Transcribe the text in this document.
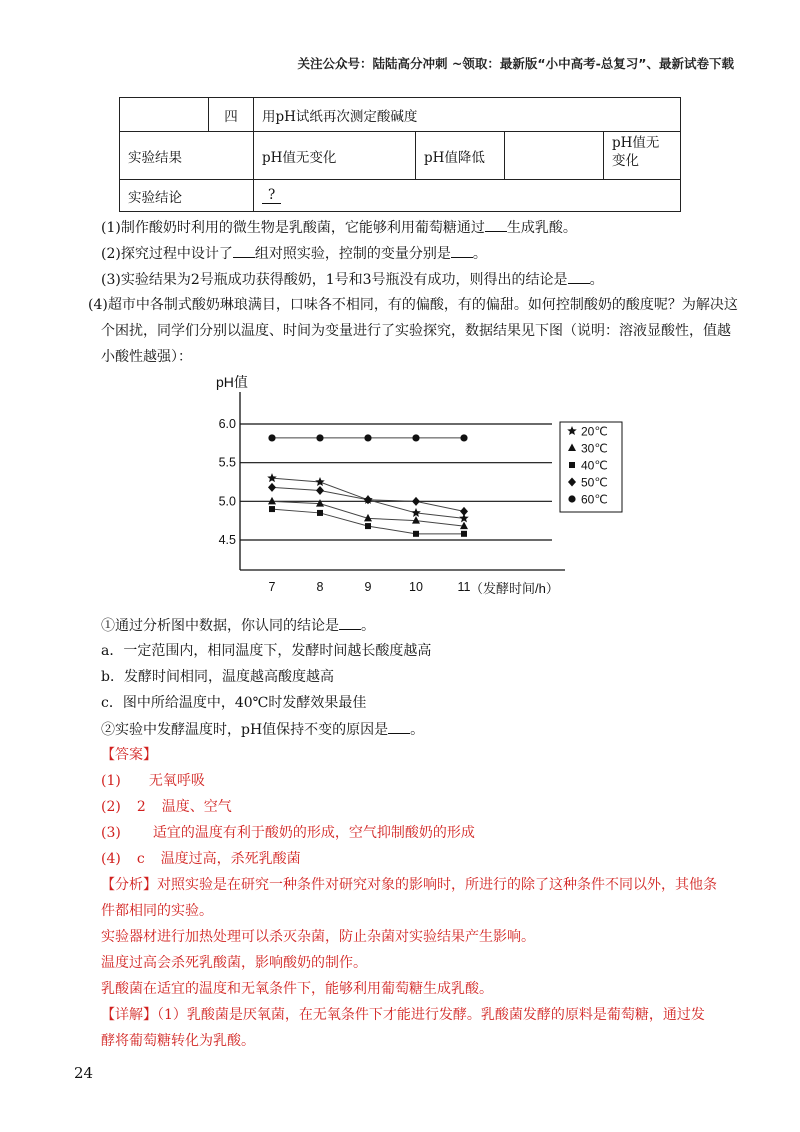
关注公众号：陆陆高分冲刺 ~领取：最新版“小中高考-总复习”、最新试卷下载
	四	用pH试纸再次测定酸碱度			
实验结果		pH值无变化	pH值降低		pH值无变化
实验结论		?			
(1)制作酸奶时利用的微生物是乳酸菌，它能够利用葡萄糖通过 生成乳酸。
(2)探究过程中设计了 组对照实验，控制的变量分别是 。
(3)实验结果为2号瓶成功获得酸奶，1号和3号瓶没有成功，则得出的结论是 。
(4)超市中各制式酸奶琳琅满目，口味各不相同，有的偏酸，有的偏甜。如何控制酸奶的酸度呢？为解决这
个困扰，同学们分别以温度、时间为变量进行了实验探究，数据结果见下图（说明：溶液显酸性，值越
小酸性越强）：
pH值
（发酵时间/h）
6.0
5.5
5.0
4.5
7	8	9	10	11
20℃
30℃
40℃
50℃
60℃
①通过分析图中数据，你认同的结论是 。
a．一定范围内，相同温度下，发酵时间越长酸度越高
b．发酵时间相同，温度越高酸度越高
c．图中所给温度中，40℃时发酵效果最佳
②实验中发酵温度时，pH值保持不变的原因是 。
【答案】
(1) 无氧呼吸
(2) 2 温度、空气
(3) 适宜的温度有利于酸奶的形成，空气抑制酸奶的形成
(4) c 温度过高，杀死乳酸菌
【分析】对照实验是在研究一种条件对研究对象的影响时，所进行的除了这种条件不同以外，其他条
件都相同的实验。
实验器材进行加热处理可以杀灭杂菌，防止杂菌对实验结果产生影响。
温度过高会杀死乳酸菌，影响酸奶的制作。
乳酸菌在适宜的温度和无氧条件下，能够利用葡萄糖生成乳酸。
【详解】（1）乳酸菌是厌氧菌，在无氧条件下才能进行发酵。乳酸菌发酵的原料是葡萄糖，通过发
酵将葡萄糖转化为乳酸。
24
